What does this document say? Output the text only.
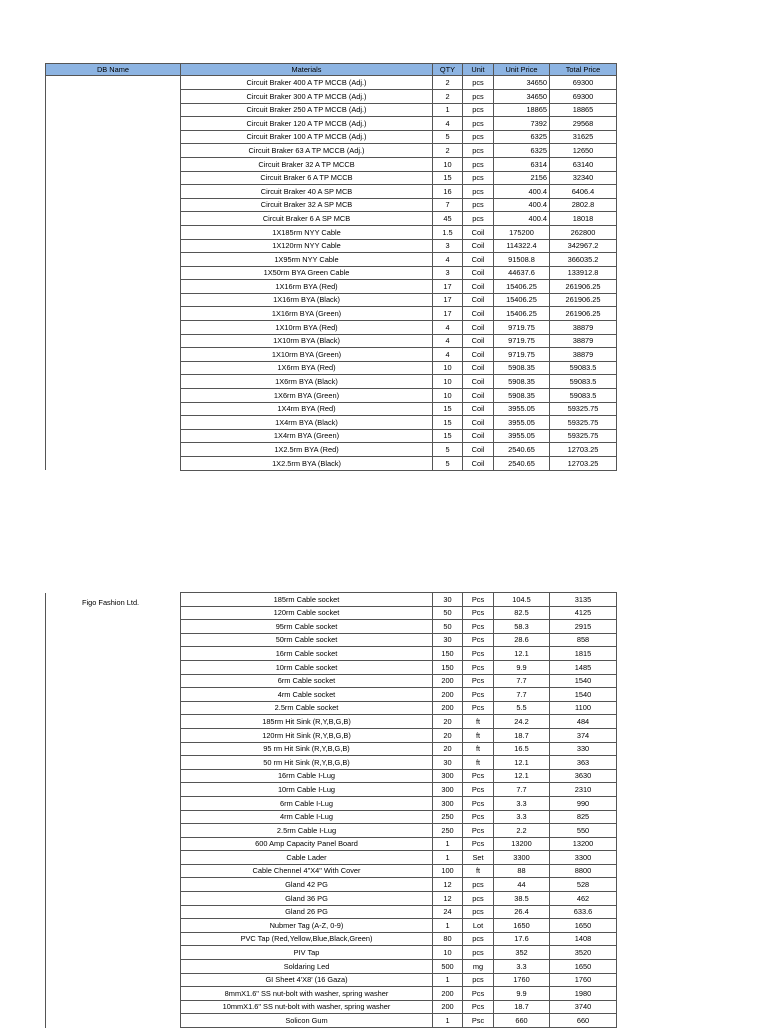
DB Name	Materials	QTY	Unit	Unit Price	Total Price
	Circuit Braker 400 A TP MCCB (Adj.)	2	pcs	34650	69300
	Circuit Braker 300 A TP MCCB (Adj.)	2	pcs	34650	69300
	Circuit Braker 250 A TP MCCB (Adj.)	1	pcs	18865	18865
	Circuit Braker 120 A TP MCCB (Adj.)	4	pcs	7392	29568
	Circuit Braker 100 A TP MCCB (Adj.)	5	pcs	6325	31625
	Circuit Braker 63 A TP MCCB (Adj.)	2	pcs	6325	12650
	Circuit Braker 32 A TP MCCB	10	pcs	6314	63140
	Circuit Braker 6 A TP MCCB	15	pcs	2156	32340
	Circuit Braker 40 A SP MCB	16	pcs	400.4	6406.4
	Circuit Braker 32 A SP MCB	7	pcs	400.4	2802.8
	Circuit Braker 6 A SP MCB	45	pcs	400.4	18018
	1X185rm NYY Cable	1.5	Coil	175200	262800
	1X120rm NYY Cable	3	Coil	114322.4	342967.2
	1X95rm NYY Cable	4	Coil	91508.8	366035.2
	1X50rm BYA Green Cable	3	Coil	44637.6	133912.8
	1X16rm BYA (Red)	17	Coil	15406.25	261906.25
	1X16rm BYA (Black)	17	Coil	15406.25	261906.25
	1X16rm BYA (Green)	17	Coil	15406.25	261906.25
	1X10rm BYA (Red)	4	Coil	9719.75	38879
	1X10rm BYA (Black)	4	Coil	9719.75	38879
	1X10rm BYA (Green)	4	Coil	9719.75	38879
	1X6rm BYA (Red)	10	Coil	5908.35	59083.5
	1X6rm BYA (Black)	10	Coil	5908.35	59083.5
	1X6rm BYA (Green)	10	Coil	5908.35	59083.5
	1X4rm BYA (Red)	15	Coil	3955.05	59325.75
	1X4rm BYA (Black)	15	Coil	3955.05	59325.75
	1X4rm BYA (Green)	15	Coil	3955.05	59325.75
	1X2.5rm BYA (Red)	5	Coil	2540.65	12703.25
	1X2.5rm BYA (Black)	5	Coil	2540.65	12703.25
Figo Fashion Ltd.	185rm Cable socket	30	Pcs	104.5	3135
	120rm Cable socket	50	Pcs	82.5	4125
	95rm Cable socket	50	Pcs	58.3	2915
	50rm Cable socket	30	Pcs	28.6	858
	16rm Cable socket	150	Pcs	12.1	1815
	10rm Cable socket	150	Pcs	9.9	1485
	6rm Cable socket	200	Pcs	7.7	1540
	4rm Cable socket	200	Pcs	7.7	1540
	2.5rm Cable socket	200	Pcs	5.5	1100
	185rm Hit Sink (R,Y,B,G,B)	20	ft	24.2	484
	120rm Hit Sink (R,Y,B,G,B)	20	ft	18.7	374
	95 rm Hit Sink (R,Y,B,G,B)	20	ft	16.5	330
	50 rm Hit Sink (R,Y,B,G,B)	30	ft	12.1	363
	16rm Cable I-Lug	300	Pcs	12.1	3630
	10rm Cable I-Lug	300	Pcs	7.7	2310
	6rm Cable I-Lug	300	Pcs	3.3	990
	4rm Cable I-Lug	250	Pcs	3.3	825
	2.5rm Cable I-Lug	250	Pcs	2.2	550
	600 Amp Capacity Panel Board	1	Pcs	13200	13200
	Cable Lader	1	Set	3300	3300
	Cable Chennel 4"X4" With Cover	100	ft	88	8800
	Gland 42 PG	12	pcs	44	528
	Gland 36 PG	12	pcs	38.5	462
	Gland 26 PG	24	pcs	26.4	633.6
	Nubmer Tag (A-Z, 0-9)	1	Lot	1650	1650
	PVC Tap (Red,Yellow,Blue,Black,Green)	80	pcs	17.6	1408
	PIV Tap	10	pcs	352	3520
	Soldaring Led	500	mg	3.3	1650
	GI Sheet 4'X8' (16 Gaza)	1	pcs	1760	1760
	8mmX1.6" SS nut-bolt with washer, spring washer	200	Pcs	9.9	1980
	10mmX1.6" SS nut-bolt with washer, spring washer	200	Pcs	18.7	3740
	Solicon Gum	1	Psc	660	660
